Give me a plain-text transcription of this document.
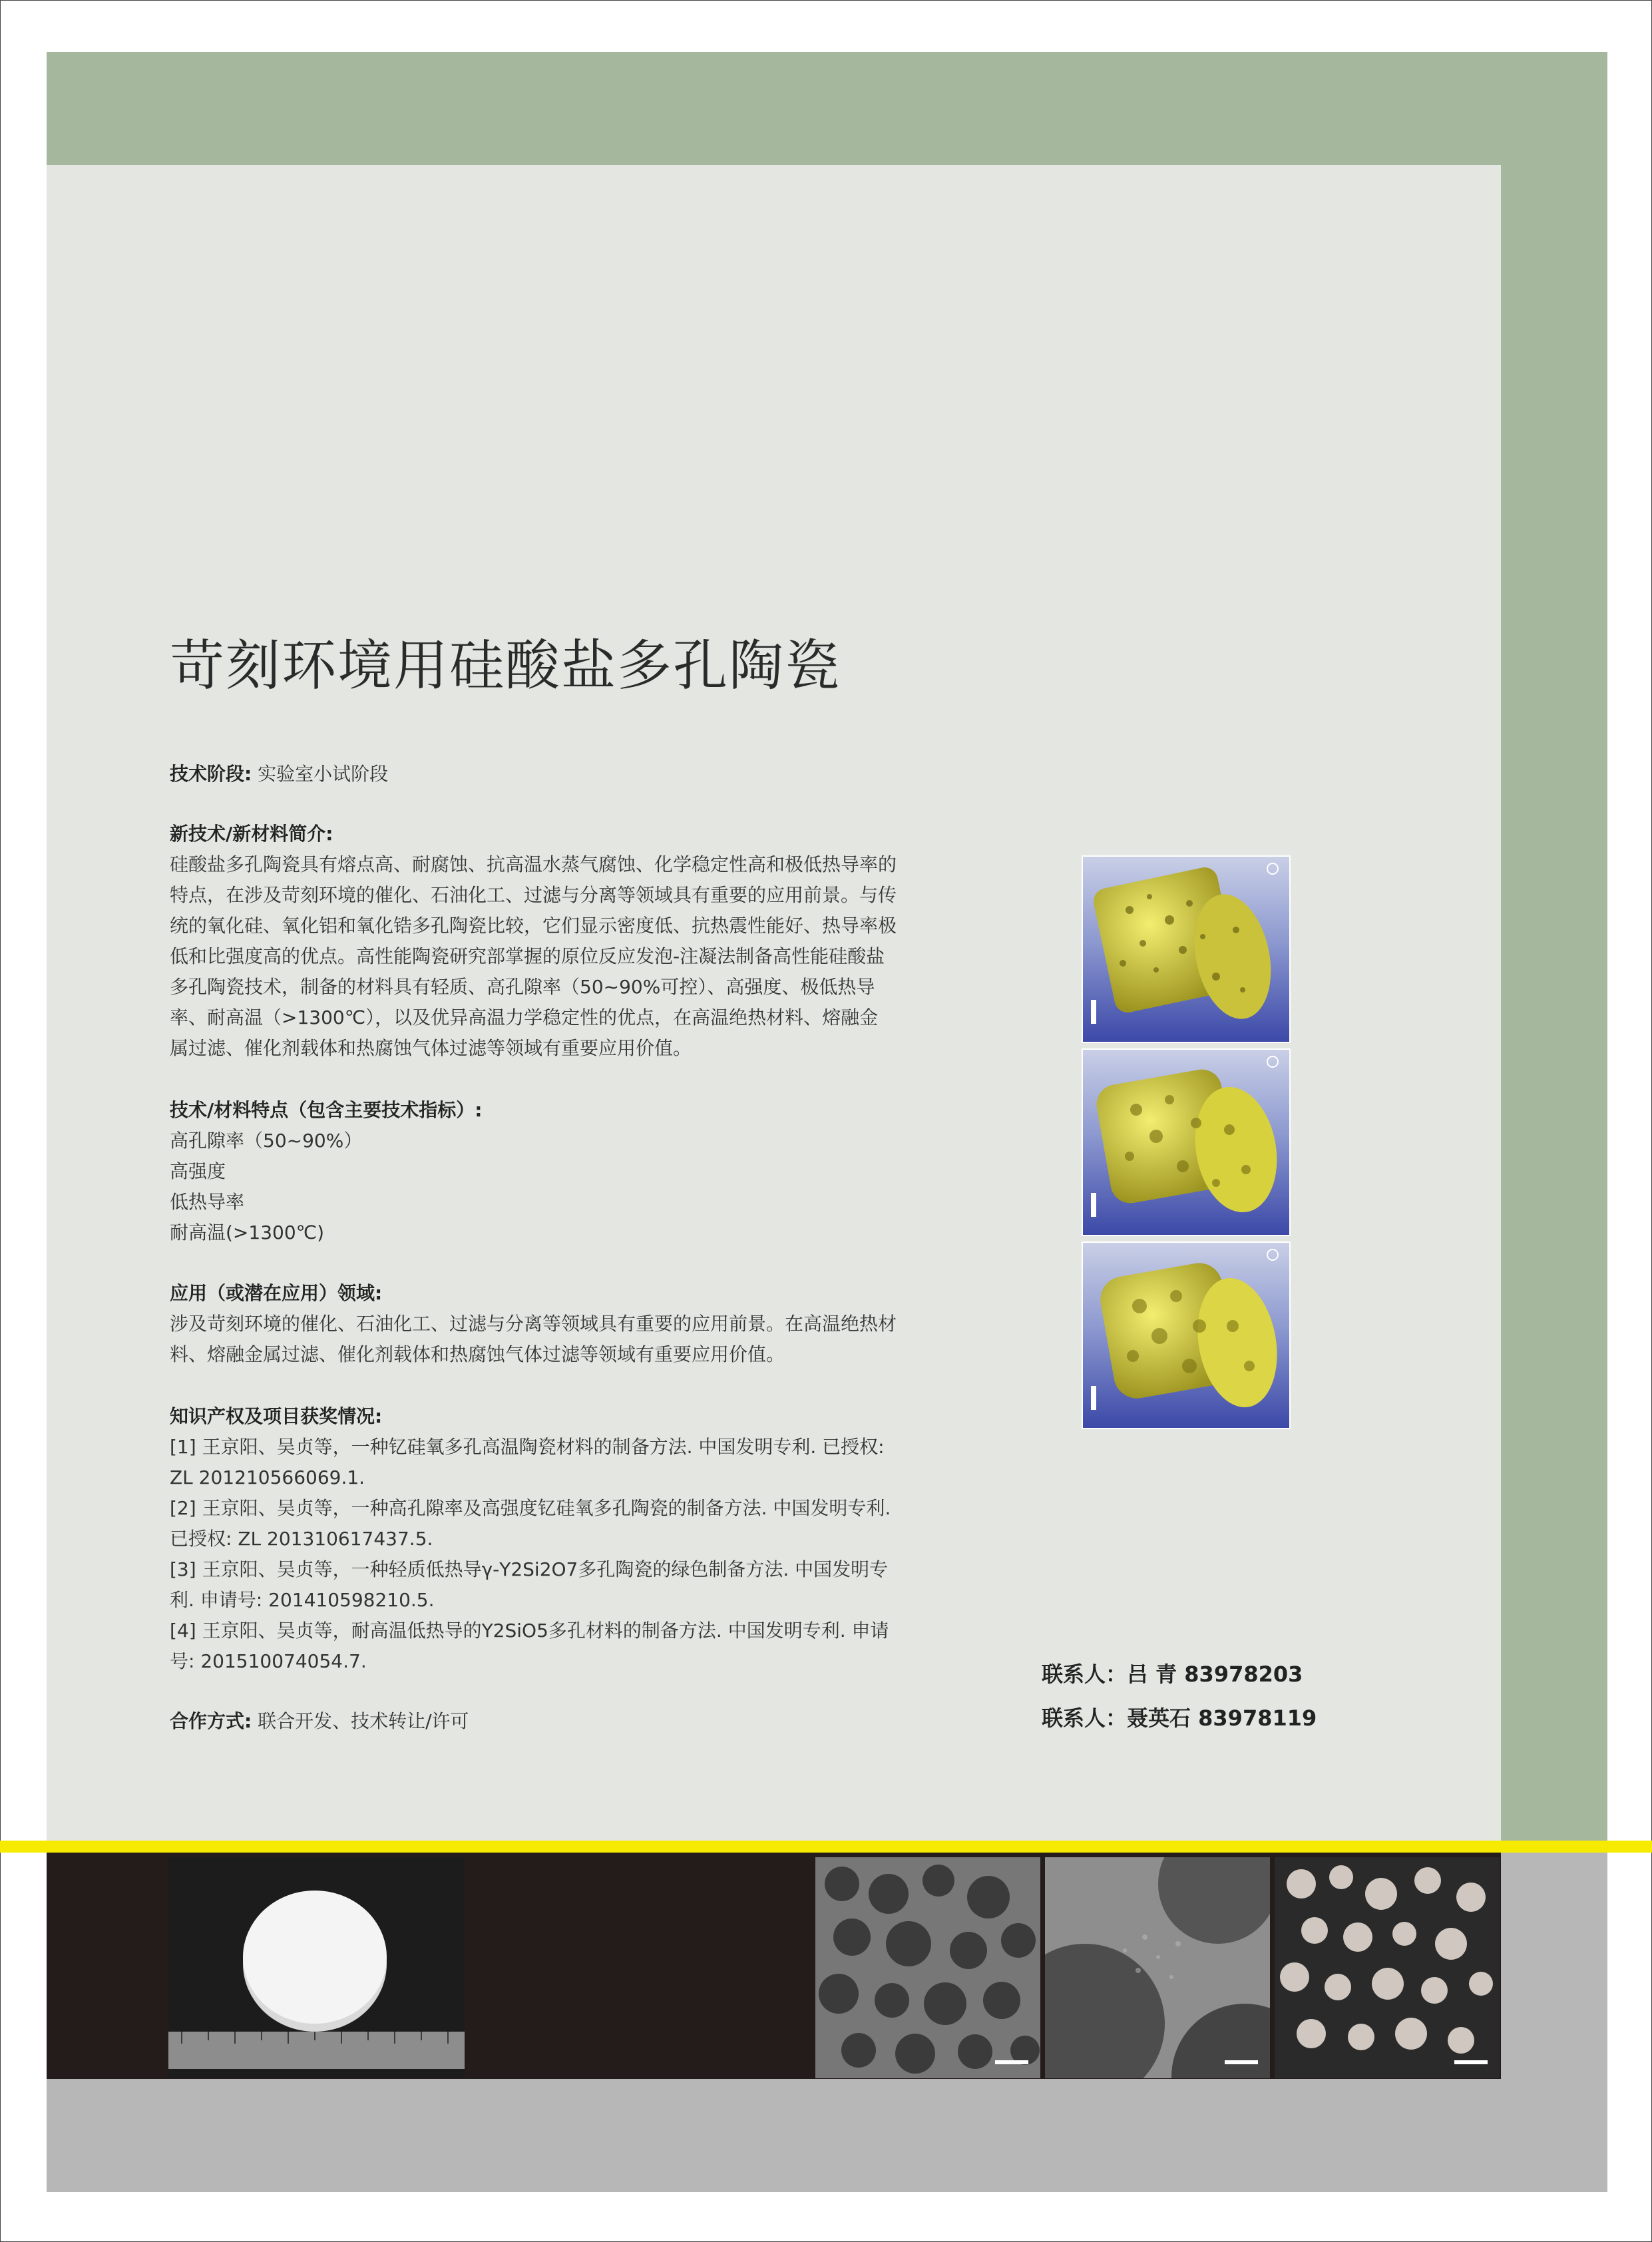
苛刻环境用硅酸盐多孔陶瓷
技术阶段: 实验室小试阶段

新技术/新材料简介:

硅酸盐多孔陶瓷具有熔点高、耐腐蚀、抗高温水蒸气腐蚀、化学稳定性高和极低热导率的

特点，在涉及苛刻环境的催化、石油化工、过滤与分离等领域具有重要的应用前景。与传

统的氧化硅、氧化铝和氧化锆多孔陶瓷比较，它们显示密度低、抗热震性能好、热导率极

低和比强度高的优点。高性能陶瓷研究部掌握的原位反应发泡-注凝法制备高性能硅酸盐

多孔陶瓷技术，制备的材料具有轻质、高孔隙率（50~90%可控）、高强度、极低热导

率、耐高温（>1300℃），以及优异高温力学稳定性的优点，在高温绝热材料、熔融金

属过滤、催化剂载体和热腐蚀气体过滤等领域有重要应用价值。

技术/材料特点（包含主要技术指标）:

高孔隙率（50~90%）

高强度

低热导率

耐高温(>1300℃)

应用（或潜在应用）领域:

涉及苛刻环境的催化、石油化工、过滤与分离等领域具有重要的应用前景。在高温绝热材

料、熔融金属过滤、催化剂载体和热腐蚀气体过滤等领域有重要应用价值。

知识产权及项目获奖情况:

[1] 王京阳、吴贞等，一种钇硅氧多孔高温陶瓷材料的制备方法. 中国发明专利. 已授权:

ZL 201210566069.1.

[2] 王京阳、吴贞等，一种高孔隙率及高强度钇硅氧多孔陶瓷的制备方法. 中国发明专利.

已授权: ZL 201310617437.5.

[3] 王京阳、吴贞等，一种轻质低热导γ-Y2Si2O7多孔陶瓷的绿色制备方法. 中国发明专

利. 申请号: 201410598210.5.

[4] 王京阳、吴贞等，耐高温低热导的Y2SiO5多孔材料的制备方法. 中国发明专利. 申请

号: 201510074054.7.

合作方式: 联合开发、技术转让/许可
联系人：吕 青 83978203
联系人：聂英石 83978119
